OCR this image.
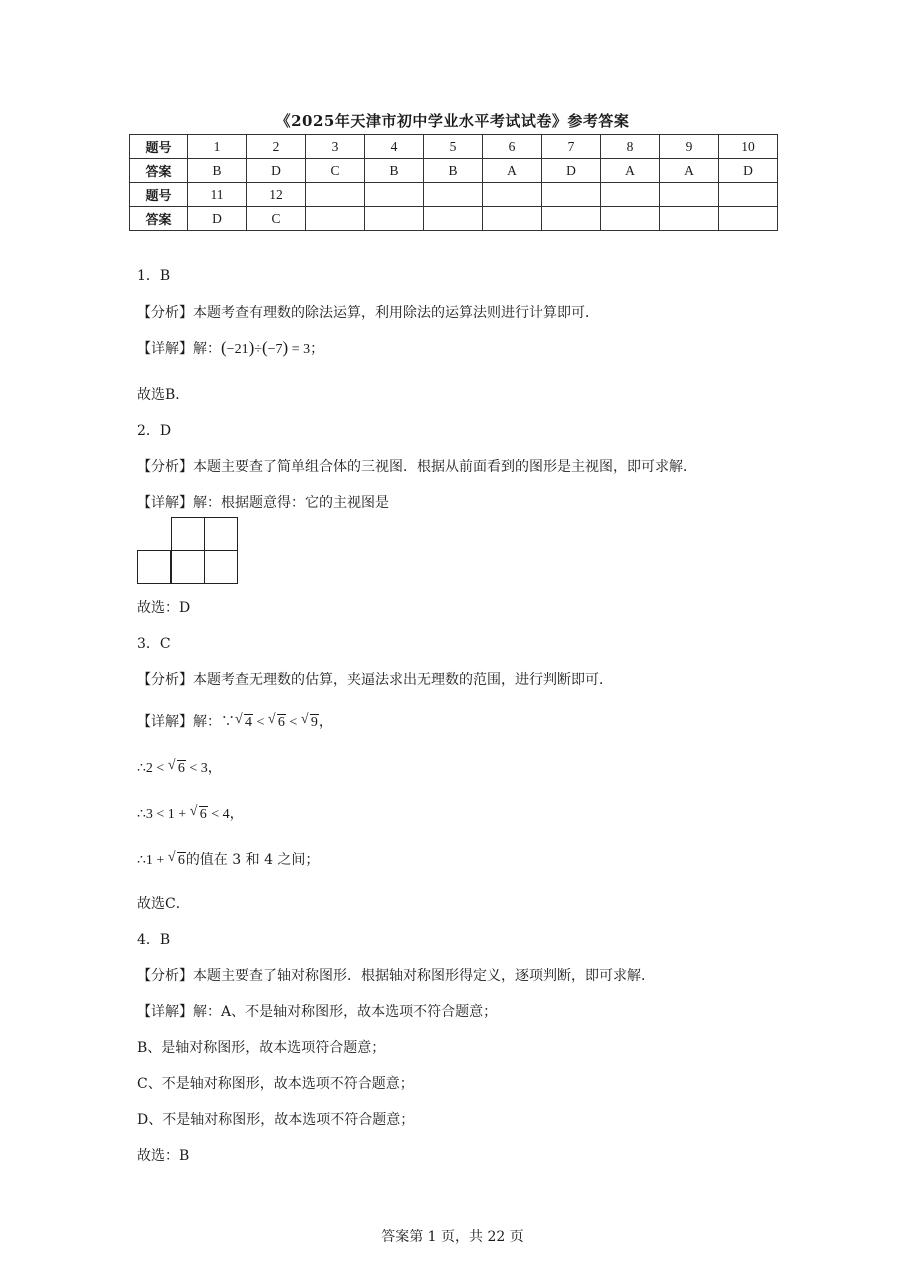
《2025年天津市初中学业水平考试试卷》参考答案
题号	1	2	3	4	5	6	7	8	9	10
答案	B	D	C	B	B	A	D	A	A	D
题号	11	12								
答案	D	C								
1．B
【分析】本题考查有理数的除法运算，利用除法的运算法则进行计算即可．
【详解】解：(−21)÷(−7) = 3；
故选B．
2．D
【分析】本题主要查了简单组合体的三视图．根据从前面看到的图形是主视图，即可求解．
【详解】解：根据题意得：它的主视图是
故选：D
3．C
【分析】本题考查无理数的估算，夹逼法求出无理数的范围，进行判断即可．
【详解】解：∵ √ 4 < √ 6 < √ 9，
∴2 < √ 6 < 3，
∴3 < 1 + √ 6 < 4，
∴1 + √ 6的值在 3 和 4 之间；
故选C．
4．B
【分析】本题主要查了轴对称图形．根据轴对称图形得定义，逐项判断，即可求解．
【详解】解：A、不是轴对称图形，故本选项不符合题意；
B、是轴对称图形，故本选项符合题意；
C、不是轴对称图形，故本选项不符合题意；
D、不是轴对称图形，故本选项不符合题意；
故选：B
答案第 1 页，共 22 页
